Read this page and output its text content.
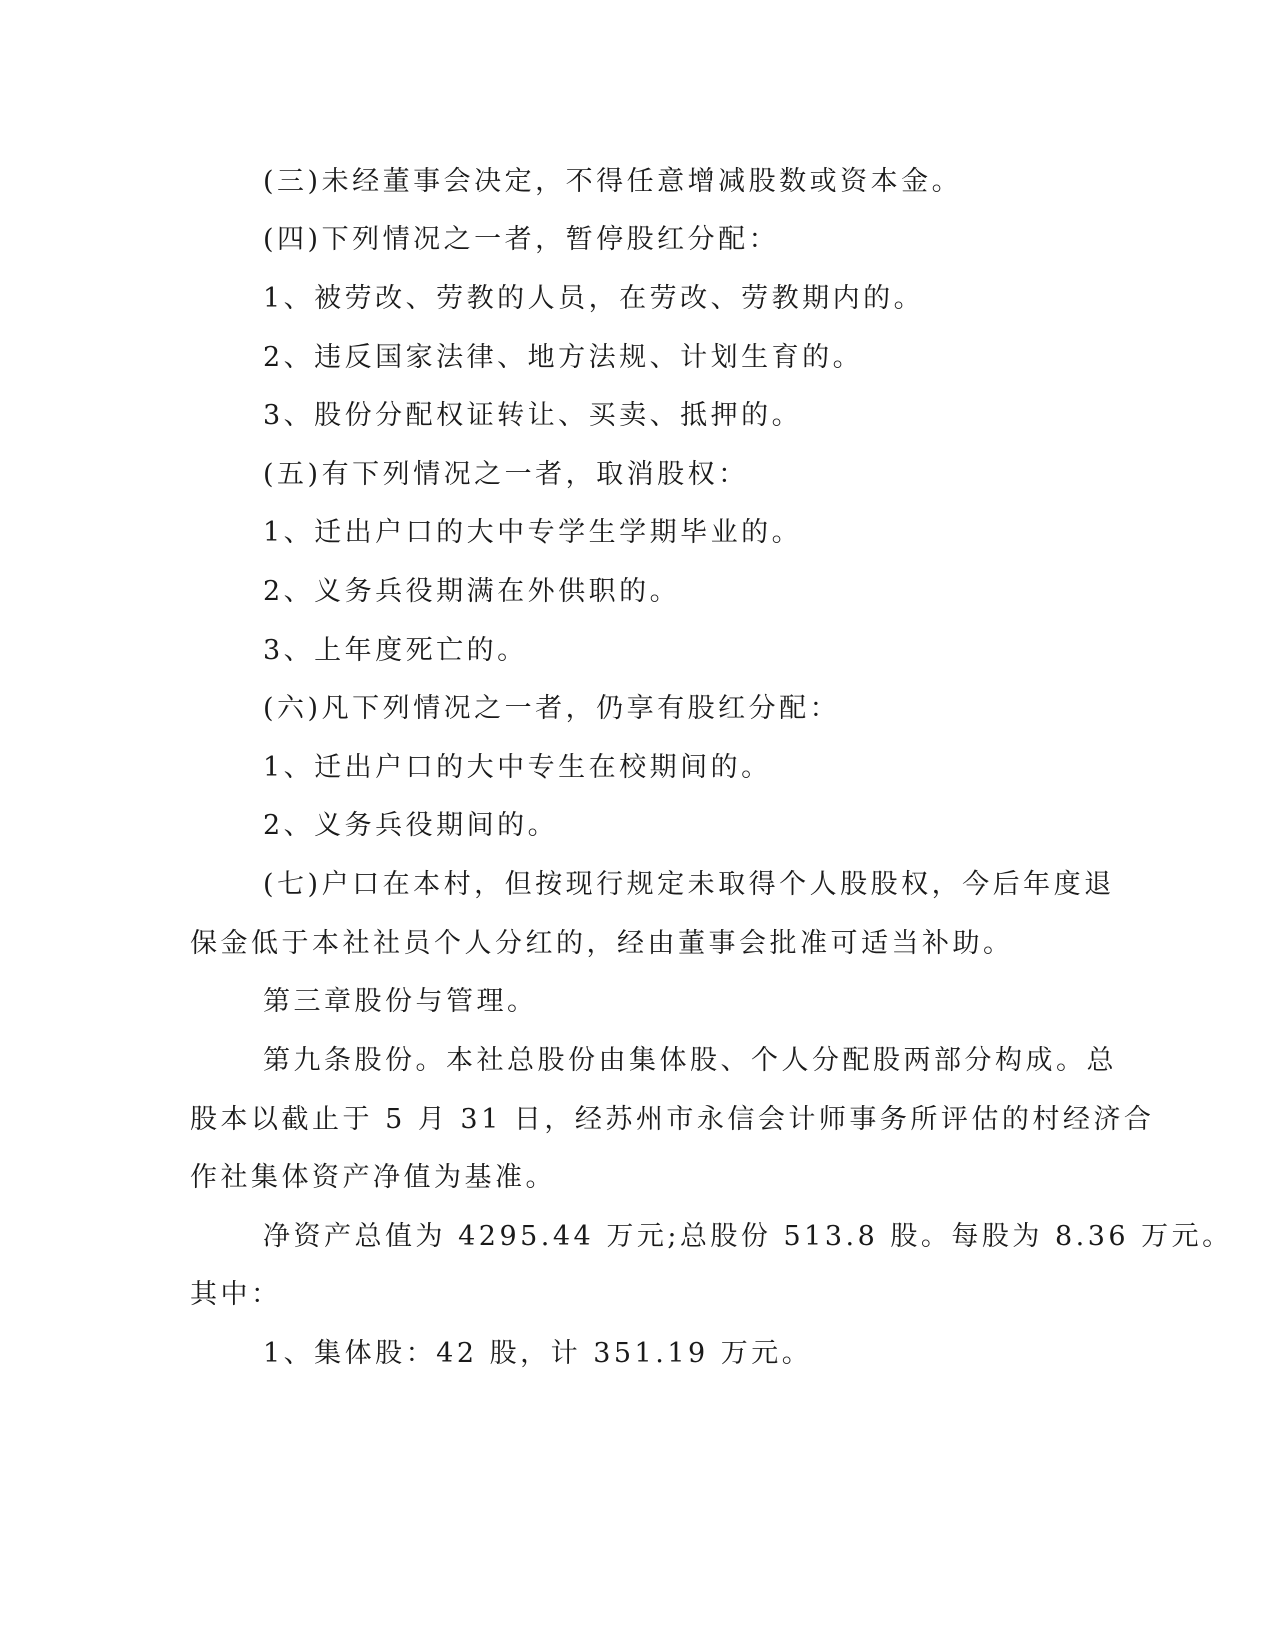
(三)未经董事会决定，不得任意增减股数或资本金。

(四)下列情况之一者，暂停股红分配：

1、被劳改、劳教的人员，在劳改、劳教期内的。

2、违反国家法律、地方法规、计划生育的。

3、股份分配权证转让、买卖、抵押的。

(五)有下列情况之一者，取消股权：

1、迁出户口的大中专学生学期毕业的。

2、义务兵役期满在外供职的。

3、上年度死亡的。

(六)凡下列情况之一者，仍享有股红分配：

1、迁出户口的大中专生在校期间的。

2、义务兵役期间的。

(七)户口在本村，但按现行规定未取得个人股股权，今后年度退

保金低于本社社员个人分红的，经由董事会批准可适当补助。

第三章股份与管理。

第九条股份。本社总股份由集体股、个人分配股两部分构成。总

股本以截止于 5 月 31 日，经苏州市永信会计师事务所评估的村经济合

作社集体资产净值为基准。

净资产总值为 4295.44 万元;总股份 513.8 股。每股为 8.36 万元。

其中：

1、集体股：42 股，计 351.19 万元。
